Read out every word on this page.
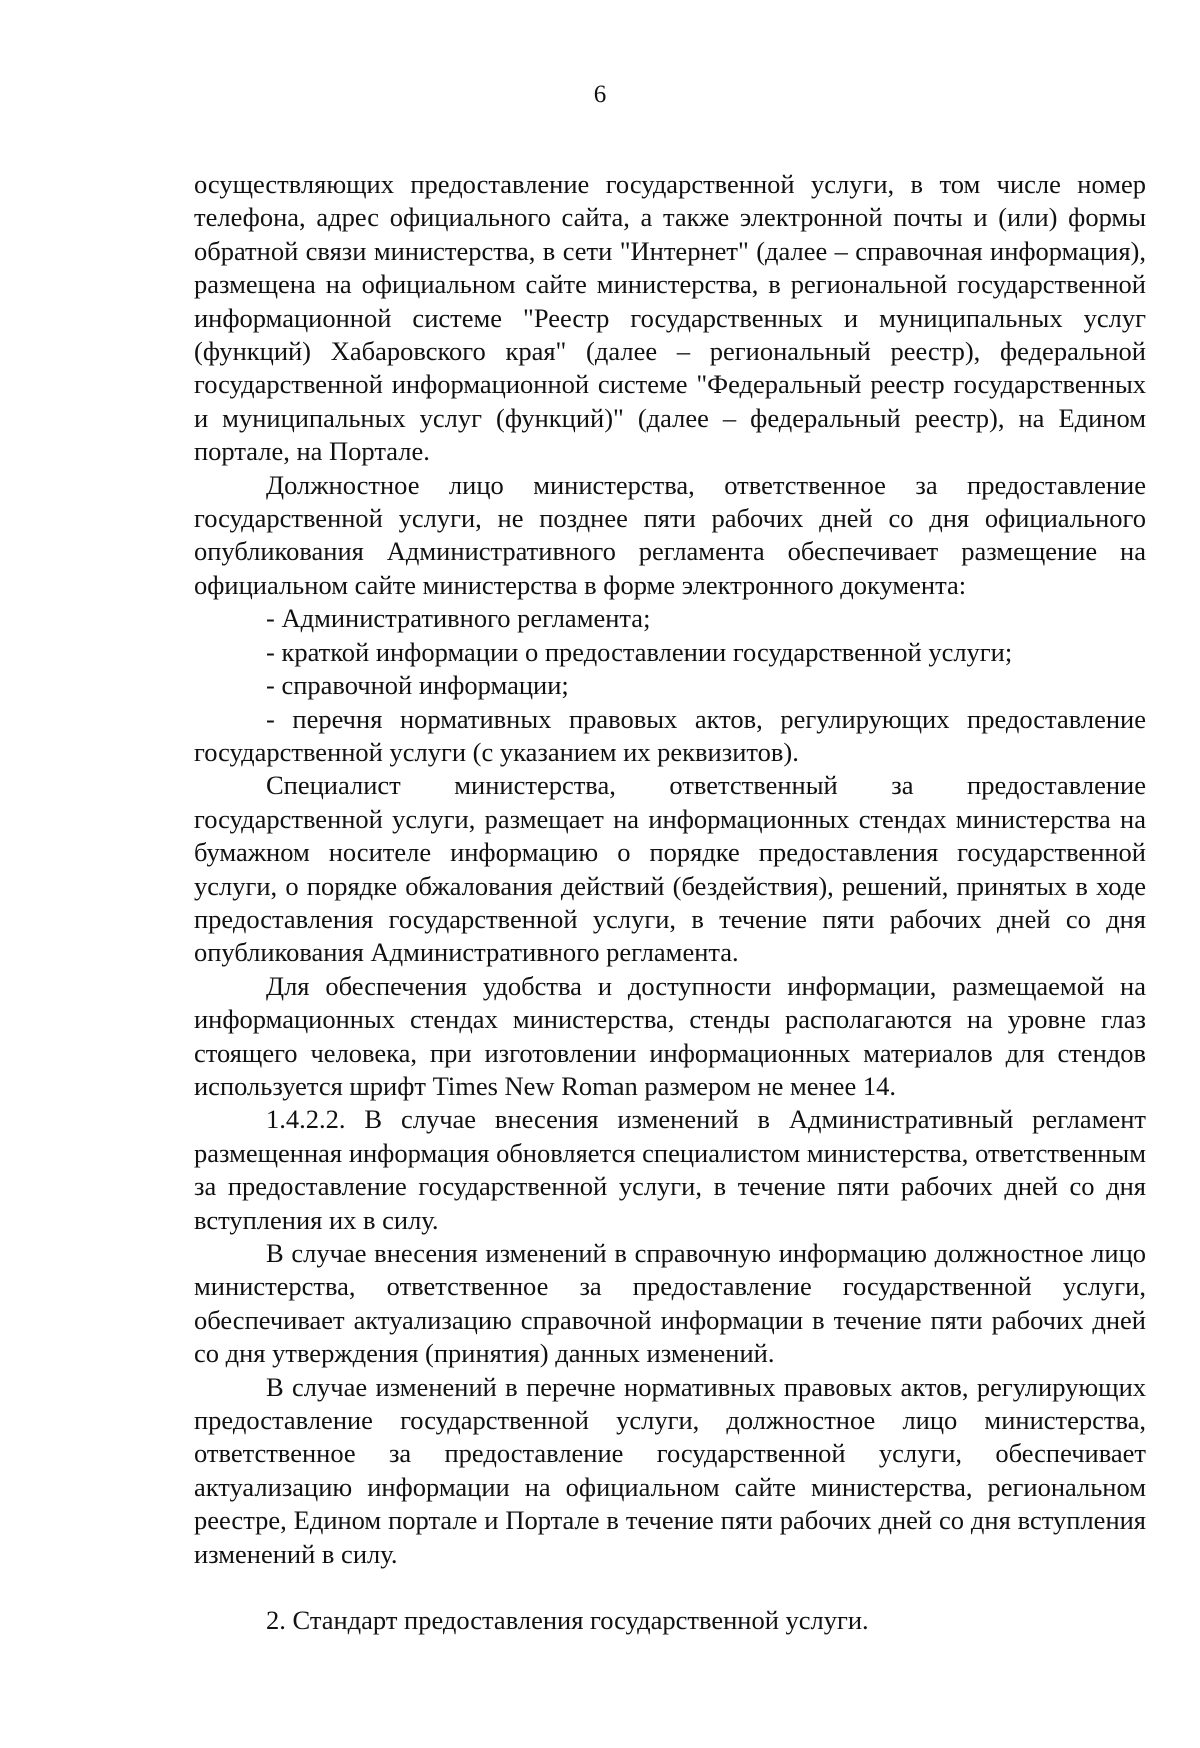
6

осуществляющих предоставление государственной услуги, в том числе номер телефона, адрес официального сайта, а также электронной почты и (или) формы обратной связи министерства, в сети "Интернет" (далее – справочная информация), размещена на официальном сайте министерства, в региональной государственной информационной системе "Реестр государственных и муниципальных услуг (функций) Хабаровского края" (далее – региональный реестр), федеральной государственной информационной системе "Федеральный реестр государственных и муниципальных услуг (функций)" (далее – федеральный реестр), на Едином портале, на Портале.

Должностное лицо министерства, ответственное за предоставление государственной услуги, не позднее пяти рабочих дней со дня официального опубликования Административного регламента обеспечивает размещение на официальном сайте министерства в форме электронного документа:

- Административного регламента;

- краткой информации о предоставлении государственной услуги;

- справочной информации;

- перечня нормативных правовых актов, регулирующих предоставление государственной услуги (с указанием их реквизитов).

Специалист министерства, ответственный за предоставление государственной услуги, размещает на информационных стендах министерства на бумажном носителе информацию о порядке предоставления государственной услуги, о порядке обжалования действий (бездействия), решений, принятых в ходе предоставления государственной услуги, в течение пяти рабочих дней со дня опубликования Административного регламента.

Для обеспечения удобства и доступности информации, размещаемой на информационных стендах министерства, стенды располагаются на уровне глаз стоящего человека, при изготовлении информационных материалов для стендов используется шрифт Times New Roman размером не менее 14.

1.4.2.2. В случае внесения изменений в Административный регламент размещенная информация обновляется специалистом министерства, ответственным за предоставление государственной услуги, в течение пяти рабочих дней со дня вступления их в силу.

В случае внесения изменений в справочную информацию должностное лицо министерства, ответственное за предоставление государственной услуги, обеспечивает актуализацию справочной информации в течение пяти рабочих дней со дня утверждения (принятия) данных изменений.

В случае изменений в перечне нормативных правовых актов, регулирующих предоставление государственной услуги, должностное лицо министерства, ответственное за предоставление государственной услуги, обеспечивает актуализацию информации на официальном сайте министерства, региональном реестре, Едином портале и Портале в течение пяти рабочих дней со дня вступления изменений в силу.

2. Стандарт предоставления государственной услуги.
